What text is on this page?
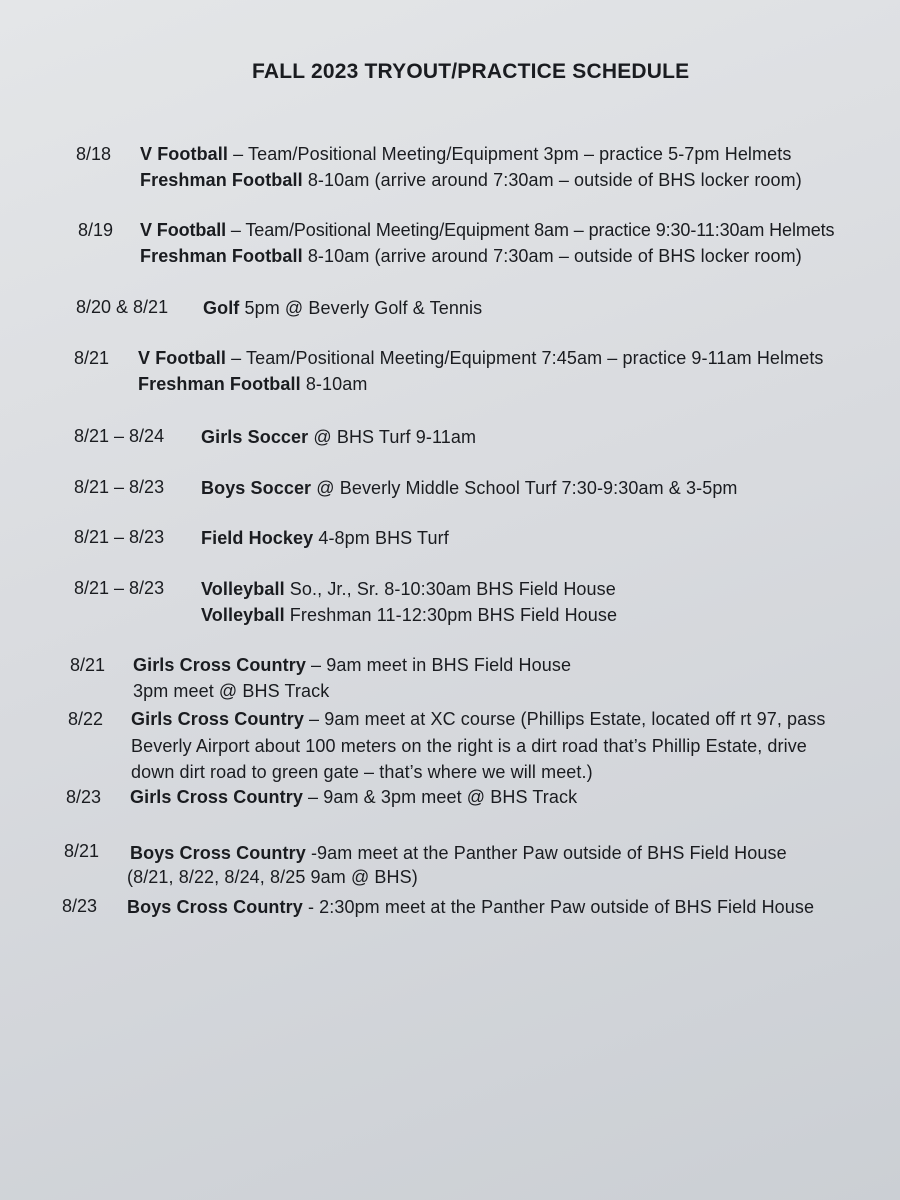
FALL 2023 TRYOUT/PRACTICE SCHEDULE
8/18 V Football – Team/Positional Meeting/Equipment 3pm – practice 5-7pm Helmets
Freshman Football 8-10am (arrive around 7:30am – outside of BHS locker room)
8/19 V Football – Team/Positional Meeting/Equipment 8am – practice 9:30-11:30am Helmets
Freshman Football 8-10am (arrive around 7:30am – outside of BHS locker room)
8/20 & 8/21 Golf 5pm @ Beverly Golf & Tennis
8/21 V Football – Team/Positional Meeting/Equipment 7:45am – practice 9-11am Helmets
Freshman Football 8-10am
8/21 – 8/24 Girls Soccer @ BHS Turf 9-11am
8/21 – 8/23 Boys Soccer @ Beverly Middle School Turf 7:30-9:30am & 3-5pm
8/21 – 8/23 Field Hockey 4-8pm BHS Turf
8/21 – 8/23 Volleyball So., Jr., Sr. 8-10:30am BHS Field House
Volleyball Freshman 11-12:30pm BHS Field House
8/21 Girls Cross Country – 9am meet in BHS Field House
3pm meet @ BHS Track
8/22 Girls Cross Country – 9am meet at XC course (Phillips Estate, located off rt 97, pass
Beverly Airport about 100 meters on the right is a dirt road that’s Phillip Estate, drive
down dirt road to green gate – that’s where we will meet.)
8/23 Girls Cross Country – 9am & 3pm meet @ BHS Track
8/21 Boys Cross Country -9am meet at the Panther Paw outside of BHS Field House
(8/21, 8/22, 8/24, 8/25 9am @ BHS)
8/23 Boys Cross Country - 2:30pm meet at the Panther Paw outside of BHS Field House
